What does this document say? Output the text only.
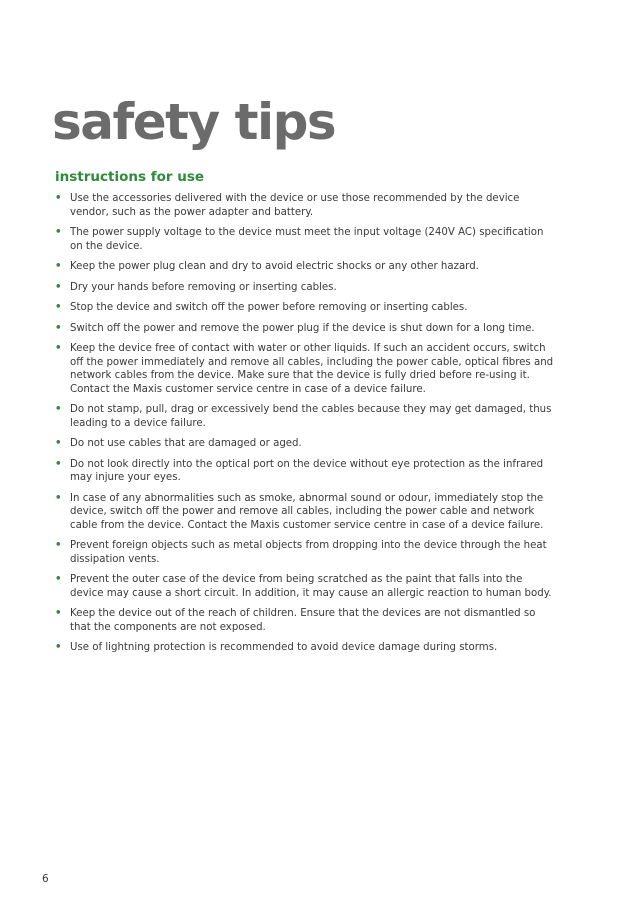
safety tips
instructions for use
• Use the accessories delivered with the device or use those recommended by the device vendor, such as the power adapter and battery.
• The power supply voltage to the device must meet the input voltage (240V AC) specification on the device.
• Keep the power plug clean and dry to avoid electric shocks or any other hazard.
• Dry your hands before removing or inserting cables.
• Stop the device and switch off the power before removing or inserting cables.
• Switch off the power and remove the power plug if the device is shut down for a long time.
• Keep the device free of contact with water or other liquids. If such an accident occurs, switch off the power immediately and remove all cables, including the power cable, optical fibres and network cables from the device. Make sure that the device is fully dried before re-using it. Contact the Maxis customer service centre in case of a device failure.
• Do not stamp, pull, drag or excessively bend the cables because they may get damaged, thus leading to a device failure.
• Do not use cables that are damaged or aged.
• Do not look directly into the optical port on the device without eye protection as the infrared may injure your eyes.
• In case of any abnormalities such as smoke, abnormal sound or odour, immediately stop the device, switch off the power and remove all cables, including the power cable and network cable from the device. Contact the Maxis customer service centre in case of a device failure.
• Prevent foreign objects such as metal objects from dropping into the device through the heat dissipation vents.
• Prevent the outer case of the device from being scratched as the paint that falls into the device may cause a short circuit. In addition, it may cause an allergic reaction to human body.
• Keep the device out of the reach of children. Ensure that the devices are not dismantled so that the components are not exposed.
• Use of lightning protection is recommended to avoid device damage during storms.
6
